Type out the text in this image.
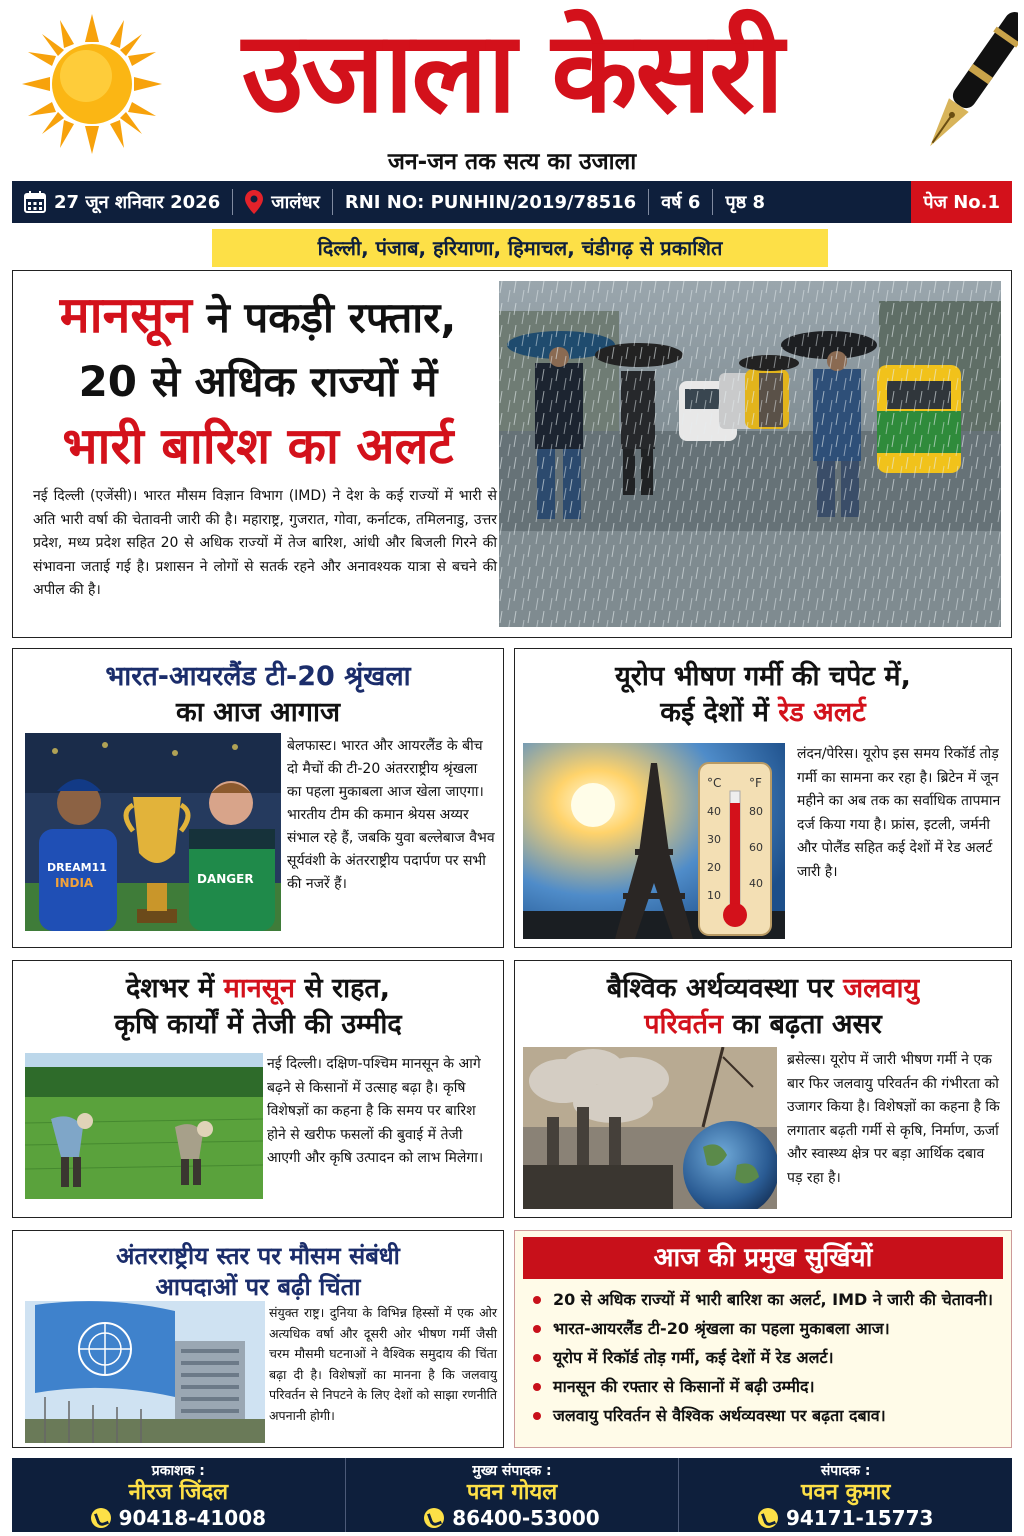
उजाला केसरी
जन-जन तक सत्य का उजाला
27 जून शनिवार 2026	जालंधर	RNI NO: PUNHIN/2019/78516	वर्ष 6	पृष्ठ 8	पेज No.1
दिल्ली, पंजाब, हरियाणा, हिमाचल, चंडीगढ़ से प्रकाशित
मानसून ने पकड़ी रफ्तार,
20 से अधिक राज्यों में
भारी बारिश का अलर्ट

नई दिल्ली (एजेंसी)। भारत मौसम विज्ञान विभाग (IMD) ने देश के कई राज्यों में भारी से अति भारी वर्षा की चेतावनी जारी की है। महाराष्ट्र, गुजरात, गोवा, कर्नाटक, तमिलनाडु, उत्तर प्रदेश, मध्य प्रदेश सहित 20 से अधिक राज्यों में तेज बारिश, आंधी और बिजली गिरने की संभावना जताई गई है। प्रशासन ने लोगों से सतर्क रहने और अनावश्यक यात्रा से बचने की अपील की है।

भारत-आयरलैंड टी-20 श्रृंखला
का आज आगाज
DREAM11
INDIA	DANGER

बेलफास्ट। भारत और आयरलैंड के बीच दो मैचों की टी-20 अंतरराष्ट्रीय श्रृंखला का पहला मुकाबला आज खेला जाएगा। भारतीय टीम की कमान श्रेयस अय्यर संभाल रहे हैं, जबकि युवा बल्लेबाज वैभव सूर्यवंशी के अंतरराष्ट्रीय पदार्पण पर सभी की नजरें हैं।

यूरोप भीषण गर्मी की चपेट में,
कई देशों में रेड अलर्ट
°C °F
40
30
20
10
80
60
40

लंदन/पेरिस। यूरोप इस समय रिकॉर्ड तोड़ गर्मी का सामना कर रहा है। ब्रिटेन में जून महीने का अब तक का सर्वाधिक तापमान दर्ज किया गया है। फ्रांस, इटली, जर्मनी और पोलैंड सहित कई देशों में रेड अलर्ट जारी है।

देशभर में मानसून से राहत,
कृषि कार्यों में तेजी की उम्मीद

नई दिल्ली। दक्षिण-पश्चिम मानसून के आगे बढ़ने से किसानों में उत्साह बढ़ा है। कृषि विशेषज्ञों का कहना है कि समय पर बारिश होने से खरीफ फसलों की बुवाई में तेजी आएगी और कृषि उत्पादन को लाभ मिलेगा।

बैश्विक अर्थव्यवस्था पर जलवायु
परिवर्तन का बढ़ता असर

ब्रसेल्स। यूरोप में जारी भीषण गर्मी ने एक बार फिर जलवायु परिवर्तन की गंभीरता को उजागर किया है। विशेषज्ञों का कहना है कि लगातार बढ़ती गर्मी से कृषि, निर्माण, ऊर्जा और स्वास्थ्य क्षेत्र पर बड़ा आर्थिक दबाव पड़ रहा है।

अंतरराष्ट्रीय स्तर पर मौसम संबंधी
आपदाओं पर बढ़ी चिंता

संयुक्त राष्ट्र। दुनिया के विभिन्न हिस्सों में एक ओर अत्यधिक वर्षा और दूसरी ओर भीषण गर्मी जैसी चरम मौसमी घटनाओं ने वैश्विक समुदाय की चिंता बढ़ा दी है। विशेषज्ञों का मानना है कि जलवायु परिवर्तन से निपटने के लिए देशों को साझा रणनीति अपनानी होगी।

आज की प्रमुख सुर्खियों
20 से अधिक राज्यों में भारी बारिश का अलर्ट, IMD ने जारी की चेतावनी।
भारत-आयरलैंड टी-20 श्रृंखला का पहला मुकाबला आज।
यूरोप में रिकॉर्ड तोड़ गर्मी, कई देशों में रेड अलर्ट।
मानसून की रफ्तार से किसानों में बढ़ी उम्मीद।
जलवायु परिवर्तन से वैश्विक अर्थव्यवस्था पर बढ़ता दबाव।
प्रकाशक :
नीरज जिंदल
90418-41008
मुख्य संपादक :
पवन गोयल
86400-53000
संपादक :
पवन कुमार
94171-15773
